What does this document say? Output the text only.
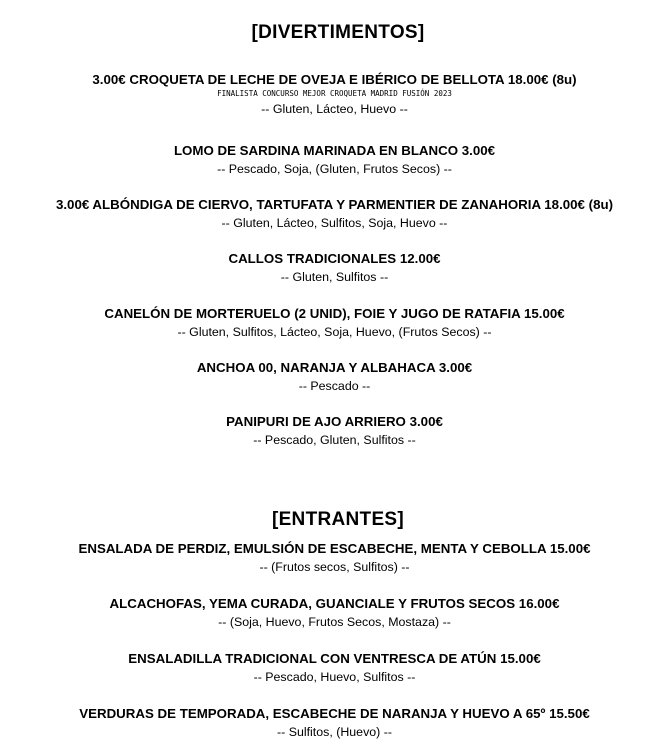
[DIVERTIMENTOS]
3.00€ CROQUETA DE LECHE DE OVEJA E IBÉRICO DE BELLOTA 18.00€ (8u)
FINALISTA CONCURSO MEJOR CROQUETA MADRID FUSIÓN 2023
-- Gluten, Lácteo, Huevo --
LOMO DE SARDINA MARINADA EN BLANCO 3.00€
-- Pescado, Soja, (Gluten, Frutos Secos) --
3.00€ ALBÓNDIGA DE CIERVO, TARTUFATA Y PARMENTIER DE ZANAHORIA 18.00€ (8u)
-- Gluten, Lácteo, Sulfitos, Soja, Huevo --
CALLOS TRADICIONALES 12.00€
-- Gluten, Sulfitos --
CANELÓN DE MORTERUELO (2 UNID), FOIE Y JUGO DE RATAFIA 15.00€
-- Gluten, Sulfitos, Lácteo, Soja, Huevo, (Frutos Secos) --
ANCHOA 00, NARANJA Y ALBAHACA 3.00€
-- Pescado --
PANIPURI DE AJO ARRIERO 3.00€
-- Pescado, Gluten, Sulfitos --
[ENTRANTES]
ENSALADA DE PERDIZ, EMULSIÓN DE ESCABECHE, MENTA Y CEBOLLA 15.00€
-- (Frutos secos, Sulfitos) --
ALCACHOFAS, YEMA CURADA, GUANCIALE Y FRUTOS SECOS 16.00€
-- (Soja, Huevo, Frutos Secos, Mostaza) --
ENSALADILLA TRADICIONAL CON VENTRESCA DE ATÚN 15.00€
-- Pescado, Huevo, Sulfitos --
VERDURAS DE TEMPORADA, ESCABECHE DE NARANJA Y HUEVO A 65º 15.50€
-- Sulfitos, (Huevo) --
